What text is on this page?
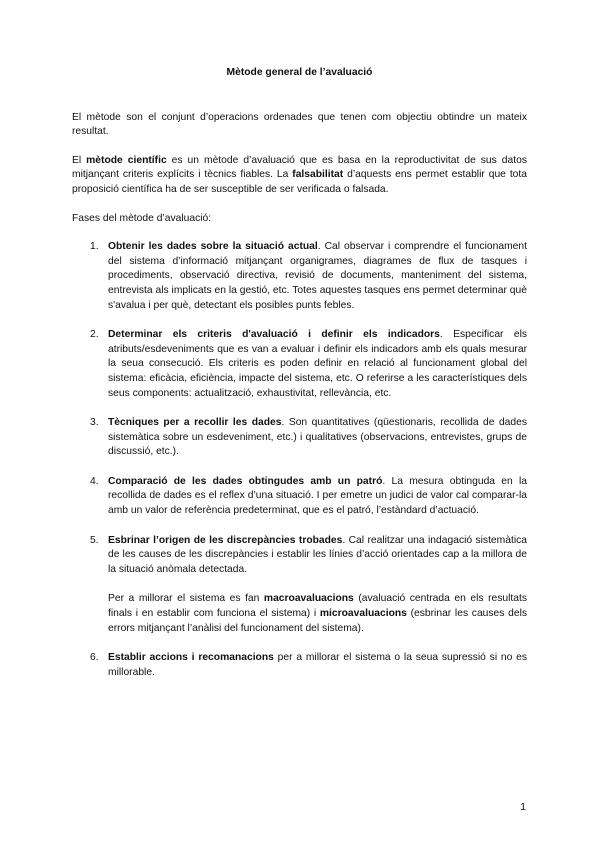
Mètode general de l’avaluació

El mètode son el conjunt d’operacions ordenades que tenen com objectiu obtindre un mateix resultat.

El mètode científic es un mètode d’avaluació que es basa en la reproductivitat de sus datos mitjançant criteris explícits i tècnics fiables. La falsabilitat d’aquests ens permet establir que tota proposició científica ha de ser susceptible de ser verificada o falsada.

Fases del mètode d’avaluació:

1. Obtenir les dades sobre la situació actual. Cal observar i comprendre el funcionament del sistema d’informació mitjançant organigrames, diagrames de flux de tasques i procediments, observació directiva, revisió de documents, manteniment del sistema, entrevista als implicats en la gestió, etc. Totes aquestes tasques ens permet determinar què s'avalua i per què, detectant els posibles punts febles.
2. Determinar els criteris d'avaluació i definir els indicadors. Especificar els atributs/esdeveniments que es van a evaluar i definir els indicadors amb els quals mesurar la seua consecució. Els criteris es poden definir en relació al funcionament global del sistema: eficàcia, eficiència, impacte del sistema, etc. O referirse a les característiques dels seus components: actualització, exhaustivitat, rellevància, etc.
3. Tècniques per a recollir les dades. Son quantitatives (qüestionaris, recollida de dades sistemàtica sobre un esdeveniment, etc.) i qualitatives (observacions, entrevistes, grups de discussió, etc.).
4. Comparació de les dades obtingudes amb un patró. La mesura obtinguda en la recollida de dades es el reflex d’una situació. I per emetre un judici de valor cal comparar-la amb un valor de referència predeterminat, que es el patró, l’estàndard d’actuació.
5. Esbrinar l’origen de les discrepàncies trobades. Cal realitzar una indagació sistemàtica de les causes de les discrepàncies i establir les línies d’acció orientades cap a la millora de la situació anòmala detectada.
Per a millorar el sistema es fan macroavaluacions (avaluació centrada en els resultats finals i en establir com funciona el sistema) i microavaluacions (esbrinar les causes dels errors mitjançant l’anàlisi del funcionament del sistema).
6. Establir accions i recomanacions per a millorar el sistema o la seua supressió si no es millorable.
1
